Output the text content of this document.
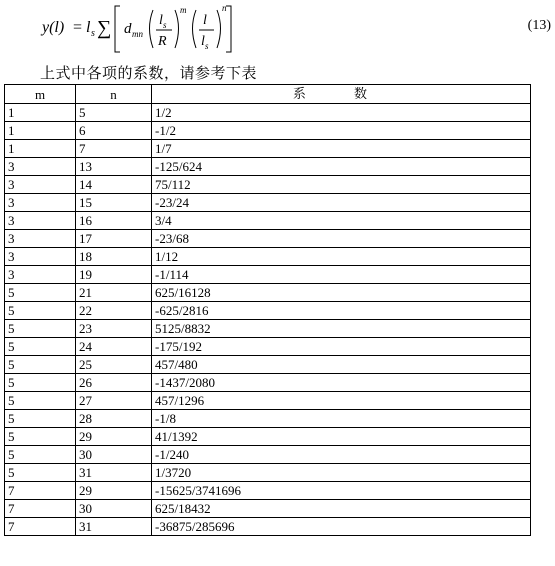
y(l) = l s ∑ d mn
l s
R
m
l
l s
n
(13)
上式中各项的系数，请参考下表
m	n	系 数
1	5	1/2
1	6	-1/2
1	7	1/7
3	13	-125/624
3	14	75/112
3	15	-23/24
3	16	3/4
3	17	-23/68
3	18	1/12
3	19	-1/114
5	21	625/16128
5	22	-625/2816
5	23	5125/8832
5	24	-175/192
5	25	457/480
5	26	-1437/2080
5	27	457/1296
5	28	-1/8
5	29	41/1392
5	30	-1/240
5	31	1/3720
7	29	-15625/3741696
7	30	625/18432
7	31	-36875/285696
